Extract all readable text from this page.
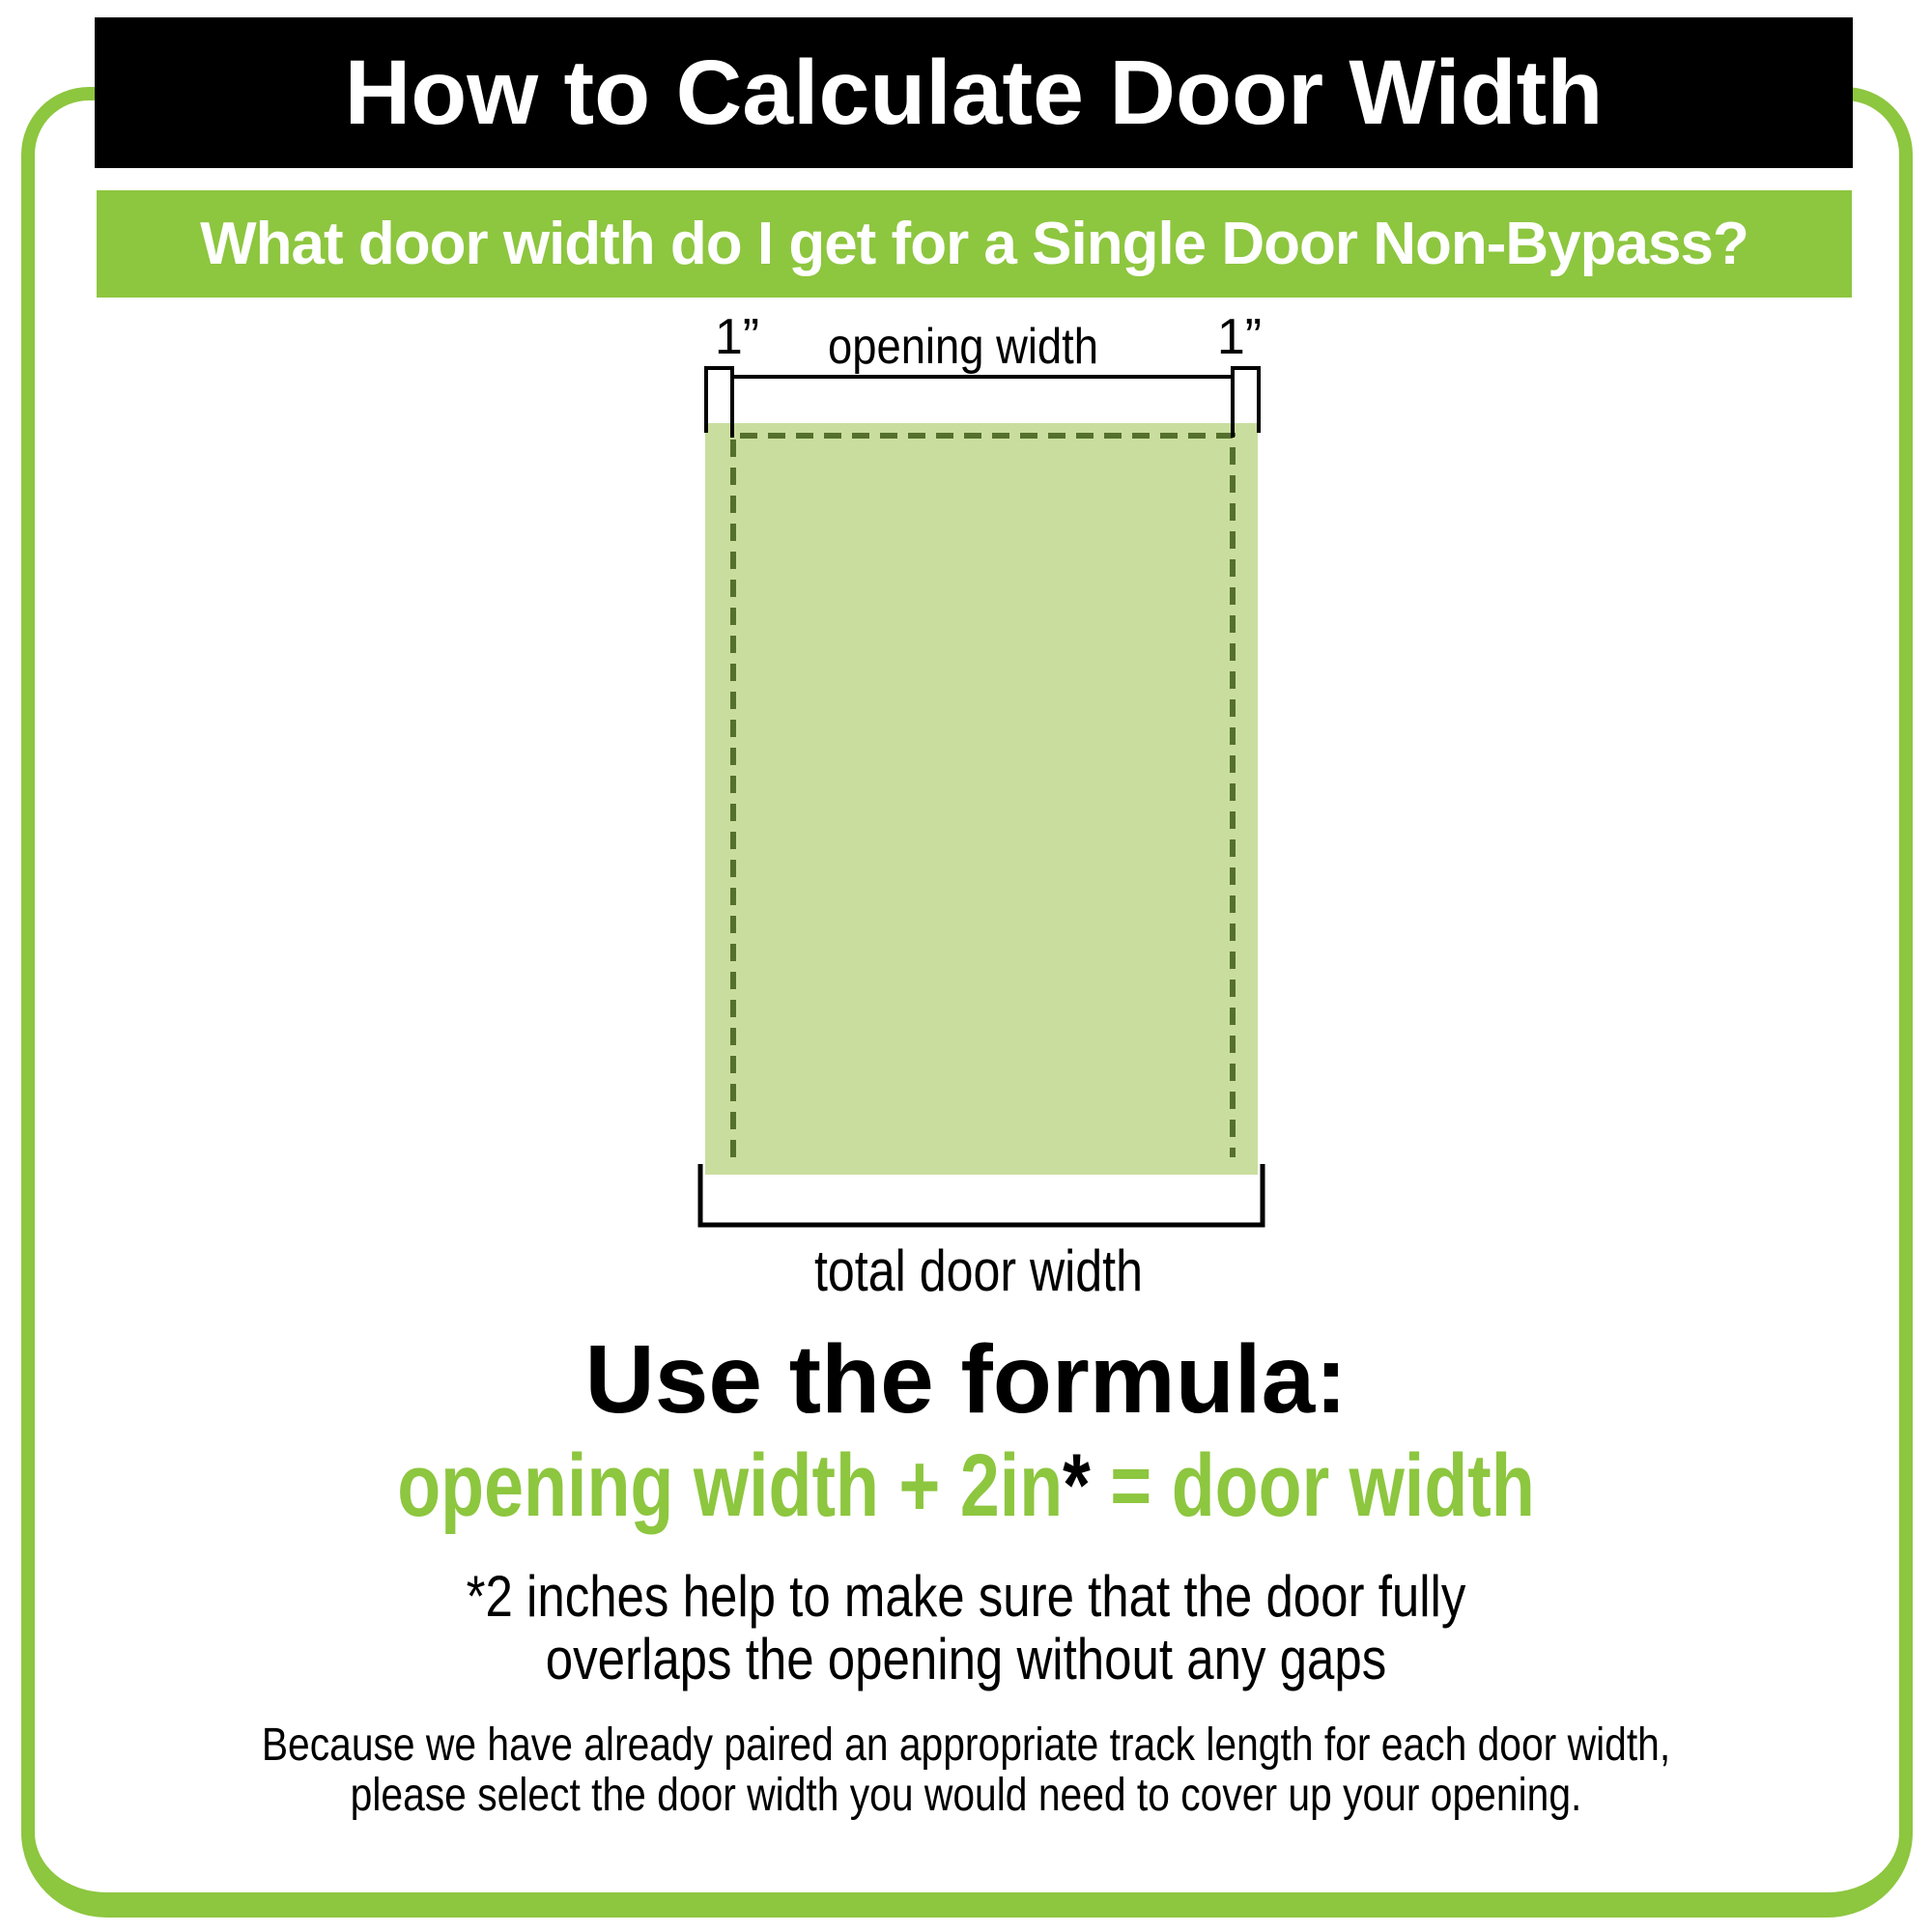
How to Calculate Door Width
What door width do I get for a Single Door Non-Bypass?
1” opening width 1”
total door width
Use the formula:
opening width + 2in* = door width
*2 inches help to make sure that the door fully
overlaps the opening without any gaps
Because we have already paired an appropriate track length for each door width,
please select the door width you would need to cover up your opening.
